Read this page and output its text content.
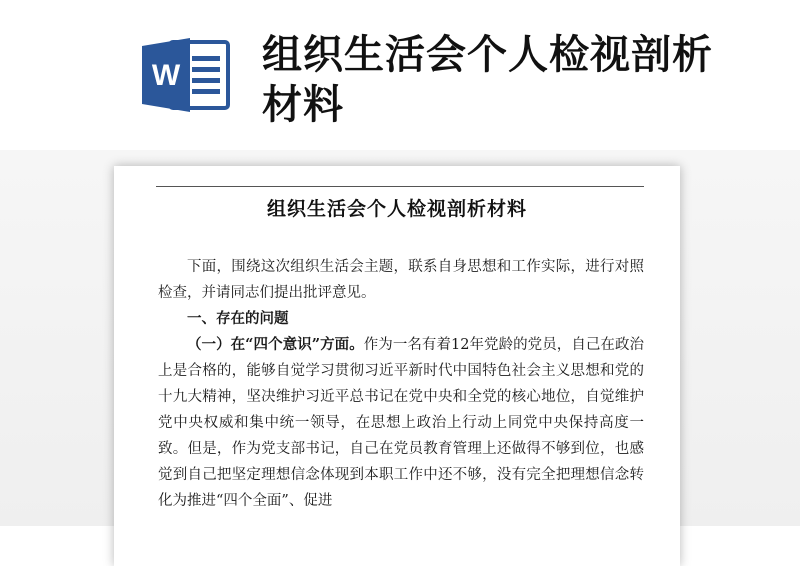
W 组织生活会个人检视剖析材料
组织生活会个人检视剖析材料

下面，围绕这次组织生活会主题，联系自身思想和工作实际，进行对照检查，并请同志们提出批评意见。

一、存在的问题

（一）在“四个意识”方面。作为一名有着12年党龄的党员，自己在政治上是合格的，能够自觉学习贯彻习近平新时代中国特色社会主义思想和党的十九大精神，坚决维护习近平总书记在党中央和全党的核心地位，自觉维护党中央权威和集中统一领导，在思想上政治上行动上同党中央保持高度一致。但是，作为党支部书记，自己在党员教育管理上还做得不够到位，也感觉到自己把坚定理想信念体现到本职工作中还不够，没有完全把理想信念转化为推进“四个全面”、促进
